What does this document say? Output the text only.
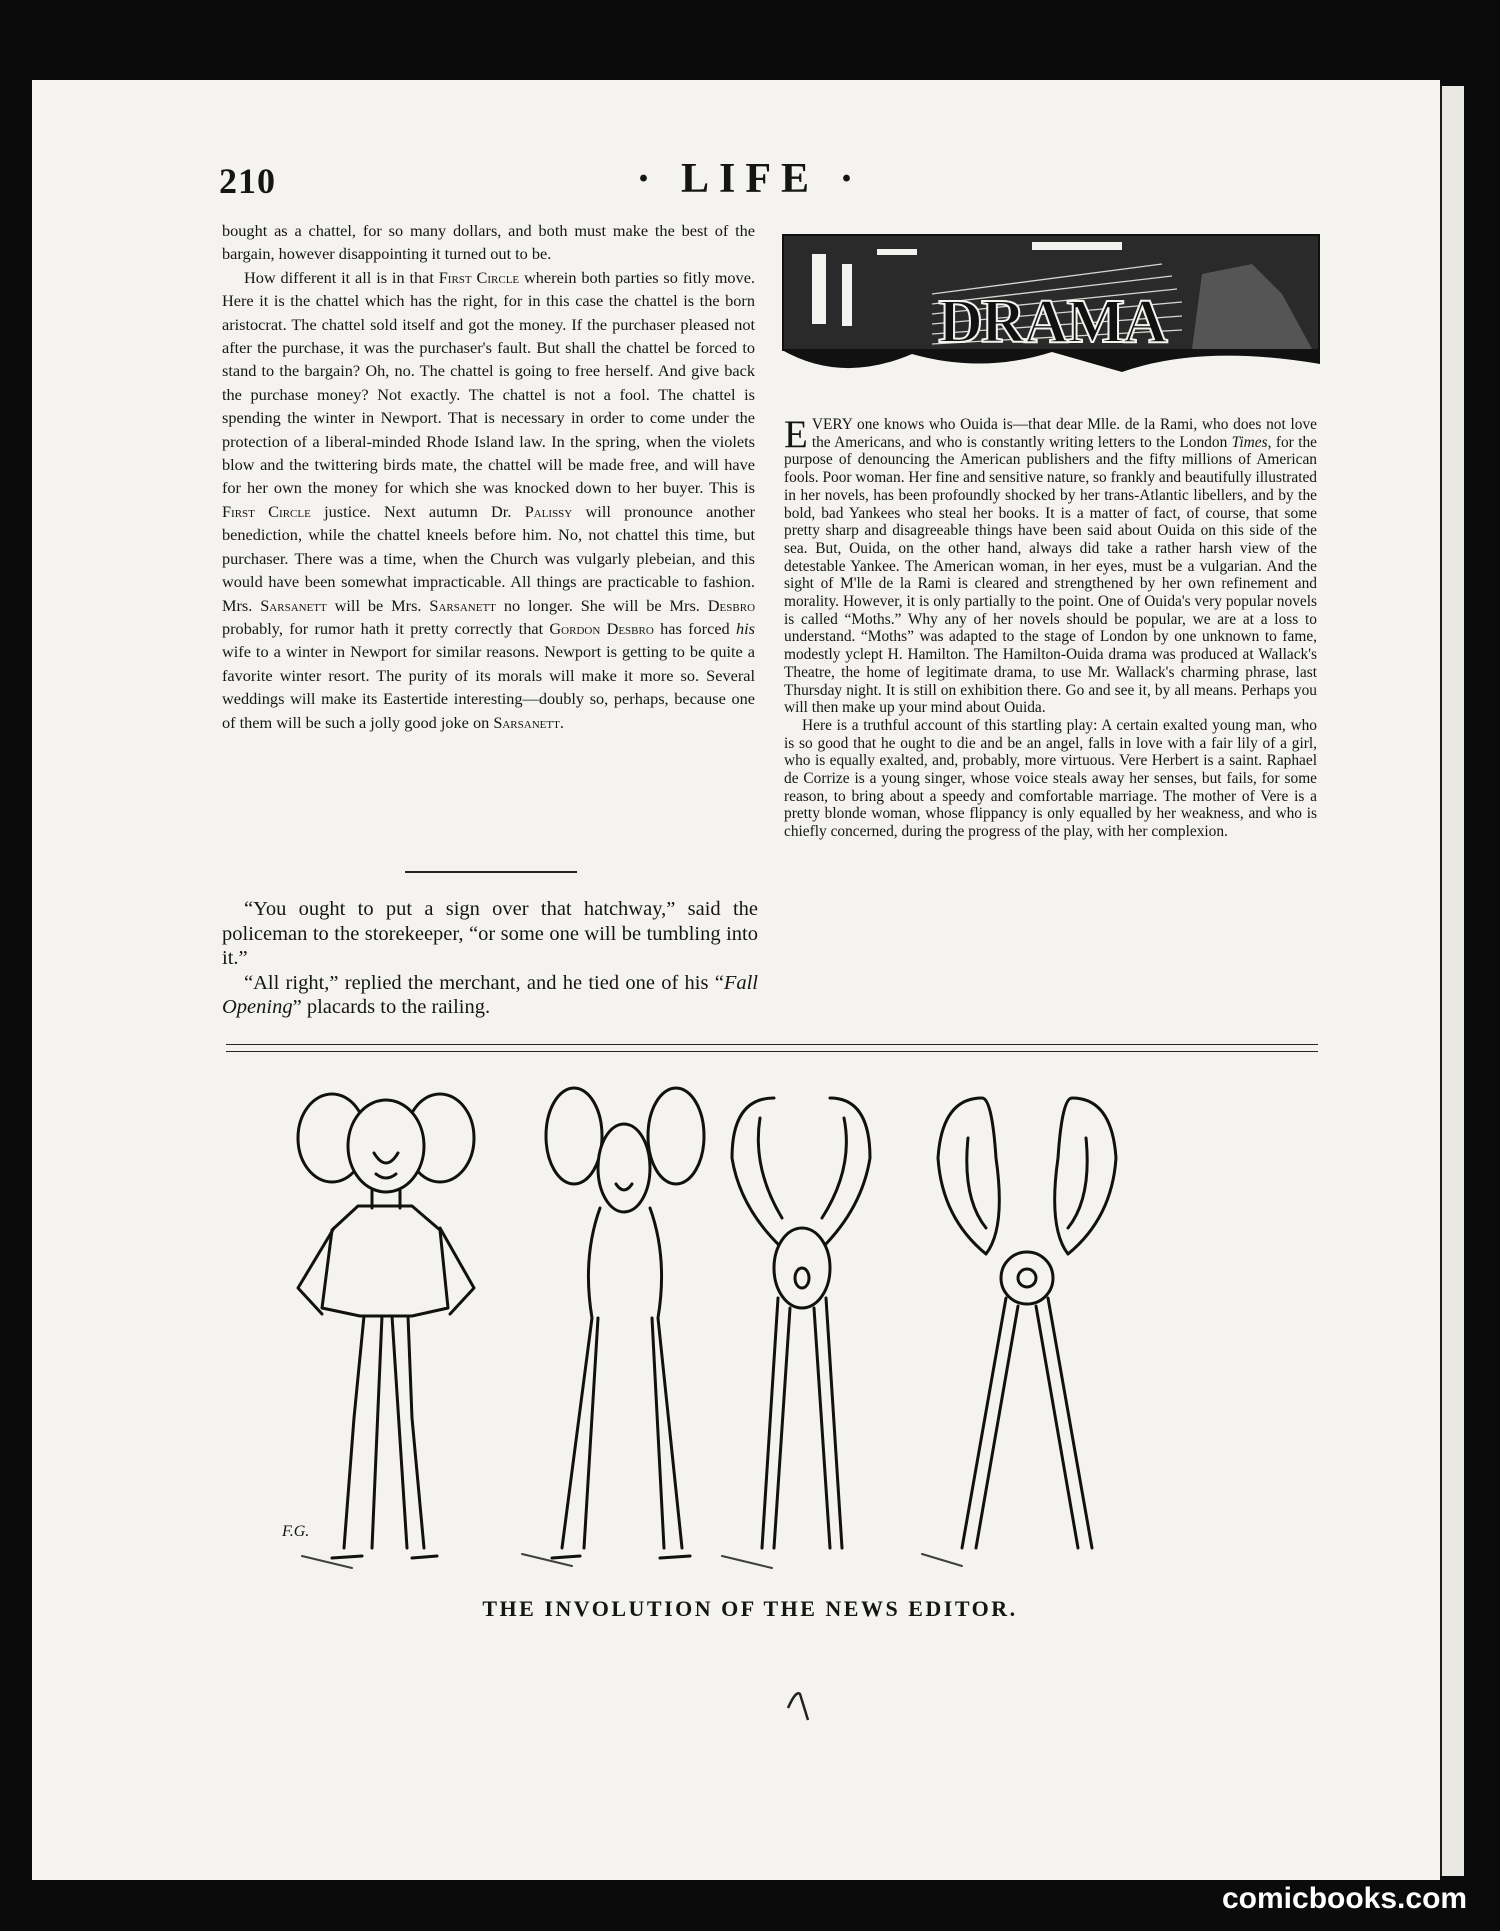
210	· LIFE ·

bought as a chattel, for so many dollars, and both must make the best of the bargain, however disappointing it turned out to be.

How different it all is in that First Circle wherein both parties so fitly move. Here it is the chattel which has the right, for in this case the chattel is the born aristocrat. The chattel sold itself and got the money. If the purchaser pleased not after the purchase, it was the purchaser's fault. But shall the chattel be forced to stand to the bargain? Oh, no. The chattel is going to free herself. And give back the purchase money? Not exactly. The chattel is not a fool. The chattel is spending the winter in Newport. That is necessary in order to come under the protection of a liberal-minded Rhode Island law. In the spring, when the violets blow and the twittering birds mate, the chattel will be made free, and will have for her own the money for which she was knocked down to her buyer. This is First Circle justice. Next autumn Dr. Palissy will pronounce another benediction, while the chattel kneels before him. No, not chattel this time, but purchaser. There was a time, when the Church was vulgarly plebeian, and this would have been somewhat impracticable. All things are practicable to fashion. Mrs. Sarsanett will be Mrs. Sarsanett no longer. She will be Mrs. Desbro probably, for rumor hath it pretty correctly that Gordon Desbro has forced his wife to a winter in Newport for similar reasons. Newport is getting to be quite a favorite winter resort. The purity of its morals will make it more so. Several weddings will make its Eastertide interesting—doubly so, perhaps, because one of them will be such a jolly good joke on Sarsanett.

“You ought to put a sign over that hatchway,” said the policeman to the storekeeper, “or some one will be tumbling into it.”

“All right,” replied the merchant, and he tied one of his “Fall Opening” placards to the railing.

DRAMA

EVERY one knows who Ouida is—that dear Mlle. de la Rami, who does not love the Americans, and who is constantly writing letters to the London Times, for the purpose of denouncing the American publishers and the fifty millions of American fools. Poor woman. Her fine and sensitive nature, so frankly and beautifully illustrated in her novels, has been profoundly shocked by her trans-Atlantic libellers, and by the bold, bad Yankees who steal her books. It is a matter of fact, of course, that some pretty sharp and disagreeable things have been said about Ouida on this side of the sea. But, Ouida, on the other hand, always did take a rather harsh view of the detestable Yankee. The American woman, in her eyes, must be a vulgarian. And the sight of M'lle de la Rami is cleared and strengthened by her own refinement and morality. However, it is only partially to the point. One of Ouida's very popular novels is called “Moths.” Why any of her novels should be popular, we are at a loss to understand. “Moths” was adapted to the stage of London by one unknown to fame, modestly yclept H. Hamilton. The Hamilton-Ouida drama was produced at Wallack's Theatre, the home of legitimate drama, to use Mr. Wallack's charming phrase, last Thursday night. It is still on exhibition there. Go and see it, by all means. Perhaps you will then make up your mind about Ouida.

Here is a truthful account of this startling play: A certain exalted young man, who is so good that he ought to die and be an angel, falls in love with a fair lily of a girl, who is equally exalted, and, probably, more virtuous. Vere Herbert is a saint. Raphael de Corrize is a young singer, whose voice steals away her senses, but fails, for some reason, to bring about a speedy and comfortable marriage. The mother of Vere is a pretty blonde woman, whose flippancy is only equalled by her weakness, and who is chiefly concerned, during the progress of the play, with her complexion.

F.G.
THE INVOLUTION OF THE NEWS EDITOR.
comicbooks.com
